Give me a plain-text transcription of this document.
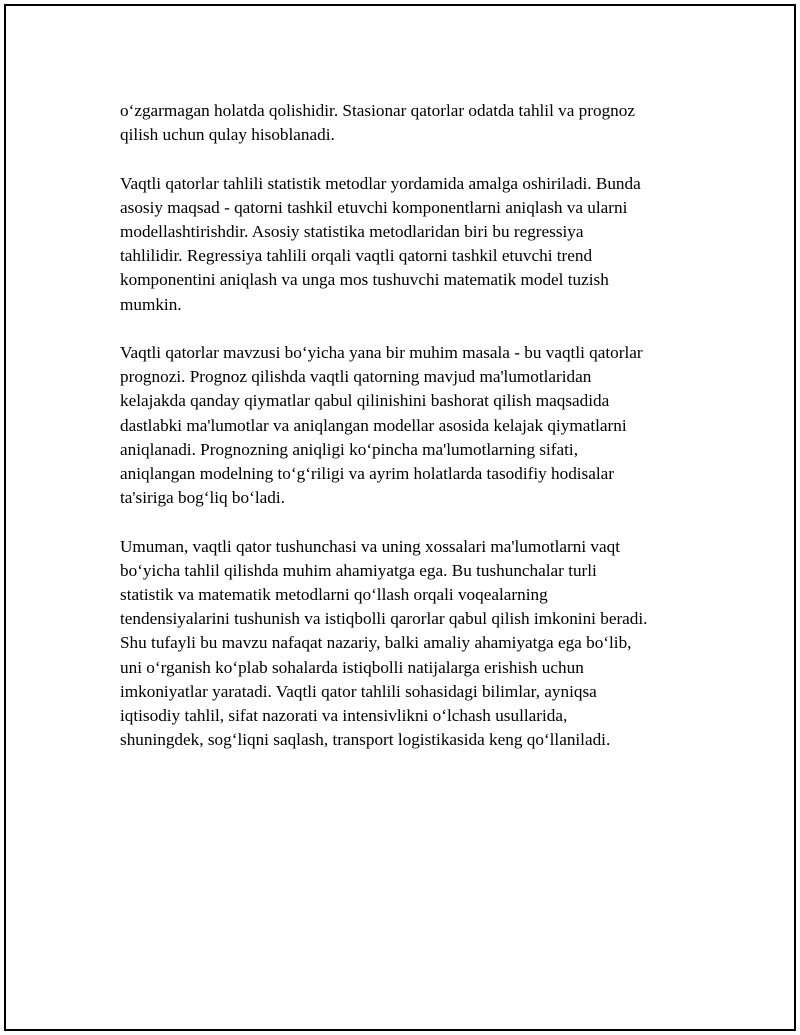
o‘zgarmagan holatda qolishidir. Stasionar qatorlar odatda tahlil va prognoz
qilish uchun qulay hisoblanadi.

Vaqtli qatorlar tahlili statistik metodlar yordamida amalga oshiriladi. Bunda
asosiy maqsad - qatorni tashkil etuvchi komponentlarni aniqlash va ularni
modellashtirishdir. Asosiy statistika metodlaridan biri bu regressiya
tahlilidir. Regressiya tahlili orqali vaqtli qatorni tashkil etuvchi trend
komponentini aniqlash va unga mos tushuvchi matematik model tuzish
mumkin.

Vaqtli qatorlar mavzusi bo‘yicha yana bir muhim masala - bu vaqtli qatorlar
prognozi. Prognoz qilishda vaqtli qatorning mavjud ma'lumotlaridan
kelajakda qanday qiymatlar qabul qilinishini bashorat qilish maqsadida
dastlabki ma'lumotlar va aniqlangan modellar asosida kelajak qiymatlarni
aniqlanadi. Prognozning aniqligi ko‘pincha ma'lumotlarning sifati,
aniqlangan modelning to‘g‘riligi va ayrim holatlarda tasodifiy hodisalar
ta'siriga bog‘liq bo‘ladi.

Umuman, vaqtli qator tushunchasi va uning xossalari ma'lumotlarni vaqt
bo‘yicha tahlil qilishda muhim ahamiyatga ega. Bu tushunchalar turli
statistik va matematik metodlarni qo‘llash orqali voqealarning
tendensiyalarini tushunish va istiqbolli qarorlar qabul qilish imkonini beradi.
Shu tufayli bu mavzu nafaqat nazariy, balki amaliy ahamiyatga ega bo‘lib,
uni o‘rganish ko‘plab sohalarda istiqbolli natijalarga erishish uchun
imkoniyatlar yaratadi. Vaqtli qator tahlili sohasidagi bilimlar, ayniqsa
iqtisodiy tahlil, sifat nazorati va intensivlikni o‘lchash usullarida,
shuningdek, sog‘liqni saqlash, transport logistikasida keng qo‘llaniladi.
